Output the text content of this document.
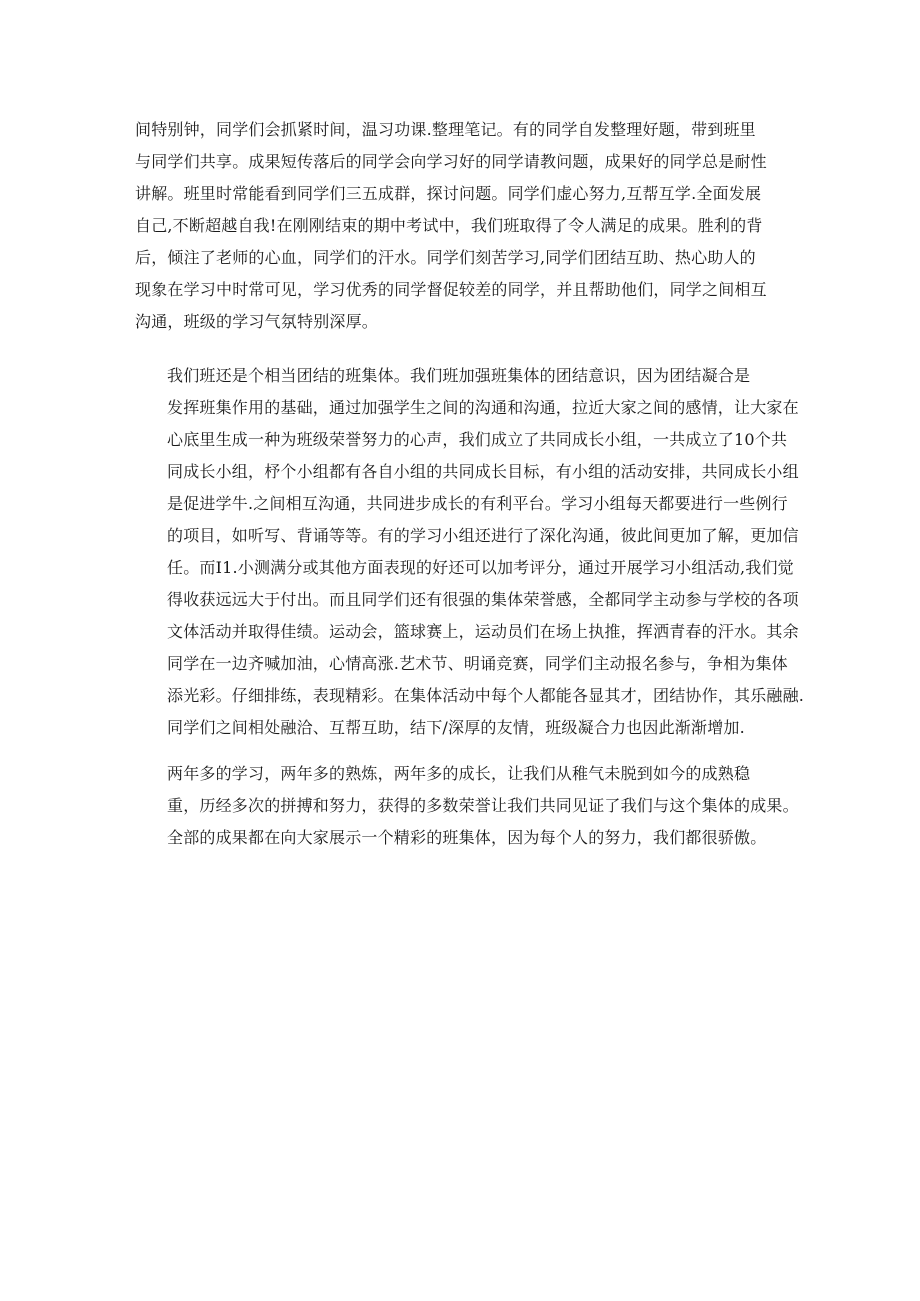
间特别钟，同学们会抓紧时间，温习功课.整理笔记。有的同学自发整理好题，带到班里
与同学们共享。成果短传落后的同学会向学习好的同学请教问题，成果好的同学总是耐性
讲解。班里时常能看到同学们三五成群，探讨问题。同学们虚心努力,互帮互学.全面发展
自己,不断超越自我!在刚刚结束的期中考试中，我们班取得了令人满足的成果。胜利的背
后，倾注了老师的心血，同学们的汗水。同学们刻苦学习,同学们团结互助、热心助人的
现象在学习中时常可见，学习优秀的同学督促较差的同学，并且帮助他们，同学之间相互
沟通，班级的学习气氛特别深厚。

我们班还是个相当团结的班集体。我们班加强班集体的团结意识，因为团结凝合是
发挥班集作用的基础，通过加强学生之间的沟通和沟通，拉近大家之间的感情，让大家在
心底里生成一种为班级荣誉努力的心声，我们成立了共同成长小组，一共成立了10个共
同成长小组，杼个小组都有各自小组的共同成长目标，有小组的活动安排，共同成长小组
是促进学牛.之间相互沟通，共同进步成长的有利平台。学习小组每天都要进行一些例行
的项目，如听写、背诵等等。有的学习小组还进行了深化沟通，彼此间更加了解，更加信
任。而I1.小测满分或其他方面表现的好还可以加考评分，通过开展学习小组活动,我们觉
得收获远远大于付出。而且同学们还有很强的集体荣誉感，全都同学主动参与学校的各项
文体活动并取得佳绩。运动会，篮球赛上，运动员们在场上执推，挥洒青春的汗水。其余
同学在一边齐喊加油，心情高涨.艺术节、明诵竞赛，同学们主动报名参与，争相为集体
添光彩。仔细排练，表现精彩。在集体活动中每个人都能各显其才，团结协作，其乐融融.
同学们之间相处融洽、互帮互助，结下/深厚的友情，班级凝合力也因此渐渐增加.

两年多的学习，两年多的熟炼，两年多的成长，让我们从稚气未脱到如今的成熟稳
重，历经多次的拼搏和努力，获得的多数荣誉让我们共同见证了我们与这个集体的成果。
全部的成果都在向大家展示一个精彩的班集体，因为每个人的努力，我们都很骄傲。
